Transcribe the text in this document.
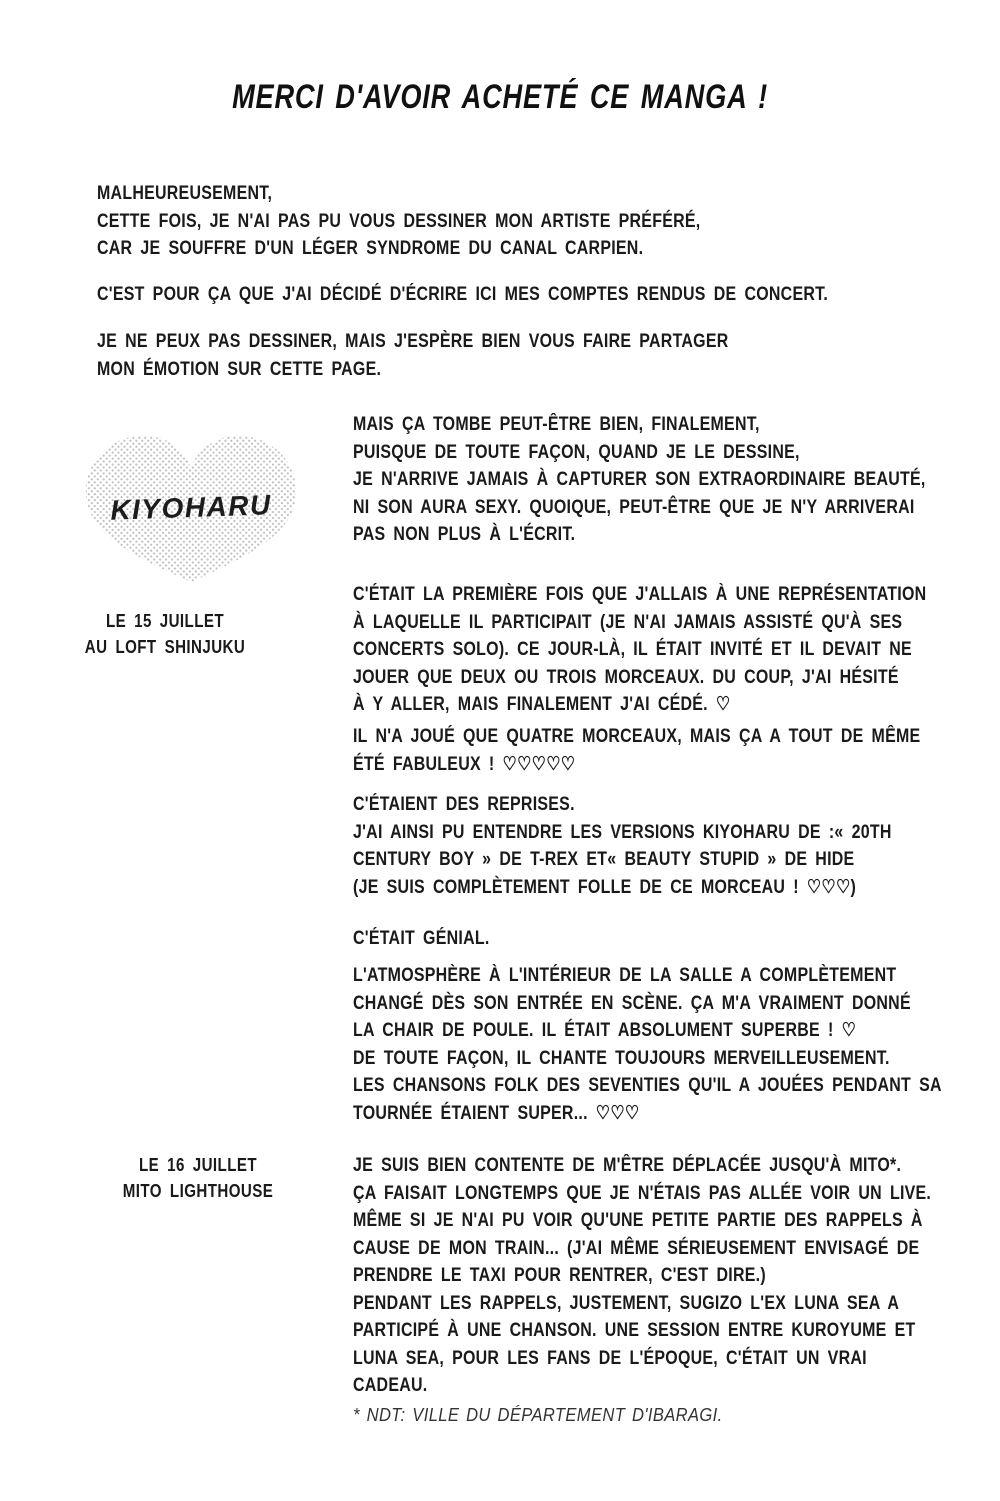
MERCI D'AVOIR ACHETÉ CE MANGA !
MALHEUREUSEMENT,
CETTE FOIS, JE N'AI PAS PU VOUS DESSINER MON ARTISTE PRÉFÉRÉ,
CAR JE SOUFFRE D'UN LÉGER SYNDROME DU CANAL CARPIEN.
C'EST POUR ÇA QUE J'AI DÉCIDÉ D'ÉCRIRE ICI MES COMPTES RENDUS DE CONCERT.
JE NE PEUX PAS DESSINER, MAIS J'ESPÈRE BIEN VOUS FAIRE PARTAGER
MON ÉMOTION SUR CETTE PAGE.
KIYOHARU
LE 15 JUILLET
AU LOFT SHINJUKU
MAIS ÇA TOMBE PEUT-ÊTRE BIEN, FINALEMENT,
PUISQUE DE TOUTE FAÇON, QUAND JE LE DESSINE,
JE N'ARRIVE JAMAIS À CAPTURER SON EXTRAORDINAIRE BEAUTÉ,
NI SON AURA SEXY. QUOIQUE, PEUT-ÊTRE QUE JE N'Y ARRIVERAI
PAS NON PLUS À L'ÉCRIT.
C'ÉTAIT LA PREMIÈRE FOIS QUE J'ALLAIS À UNE REPRÉSENTATION
À LAQUELLE IL PARTICIPAIT (JE N'AI JAMAIS ASSISTÉ QU'À SES
CONCERTS SOLO). CE JOUR-LÀ, IL ÉTAIT INVITÉ ET IL DEVAIT NE
JOUER QUE DEUX OU TROIS MORCEAUX. DU COUP, J'AI HÉSITÉ
À Y ALLER, MAIS FINALEMENT J'AI CÉDÉ. ♡
IL N'A JOUÉ QUE QUATRE MORCEAUX, MAIS ÇA A TOUT DE MÊME
ÉTÉ FABULEUX ! ♡♡♡♡♡
C'ÉTAIENT DES REPRISES.
J'AI AINSI PU ENTENDRE LES VERSIONS KIYOHARU DE :« 20TH
CENTURY BOY » DE T-REX ET« BEAUTY STUPID » DE HIDE
(JE SUIS COMPLÈTEMENT FOLLE DE CE MORCEAU ! ♡♡♡)
C'ÉTAIT GÉNIAL.
L'ATMOSPHÈRE À L'INTÉRIEUR DE LA SALLE A COMPLÈTEMENT
CHANGÉ DÈS SON ENTRÉE EN SCÈNE. ÇA M'A VRAIMENT DONNÉ
LA CHAIR DE POULE. IL ÉTAIT ABSOLUMENT SUPERBE ! ♡
DE TOUTE FAÇON, IL CHANTE TOUJOURS MERVEILLEUSEMENT.
LES CHANSONS FOLK DES SEVENTIES QU'IL A JOUÉES PENDANT SA
TOURNÉE ÉTAIENT SUPER... ♡♡♡
LE 16 JUILLET
MITO LIGHTHOUSE
JE SUIS BIEN CONTENTE DE M'ÊTRE DÉPLACÉE JUSQU'À MITO*.
ÇA FAISAIT LONGTEMPS QUE JE N'ÉTAIS PAS ALLÉE VOIR UN LIVE.
MÊME SI JE N'AI PU VOIR QU'UNE PETITE PARTIE DES RAPPELS À
CAUSE DE MON TRAIN... (J'AI MÊME SÉRIEUSEMENT ENVISAGÉ DE
PRENDRE LE TAXI POUR RENTRER, C'EST DIRE.)
PENDANT LES RAPPELS, JUSTEMENT, SUGIZO L'EX LUNA SEA A
PARTICIPÉ À UNE CHANSON. UNE SESSION ENTRE KUROYUME ET
LUNA SEA, POUR LES FANS DE L'ÉPOQUE, C'ÉTAIT UN VRAI
CADEAU.
* NDT: VILLE DU DÉPARTEMENT D'IBARAGI.
